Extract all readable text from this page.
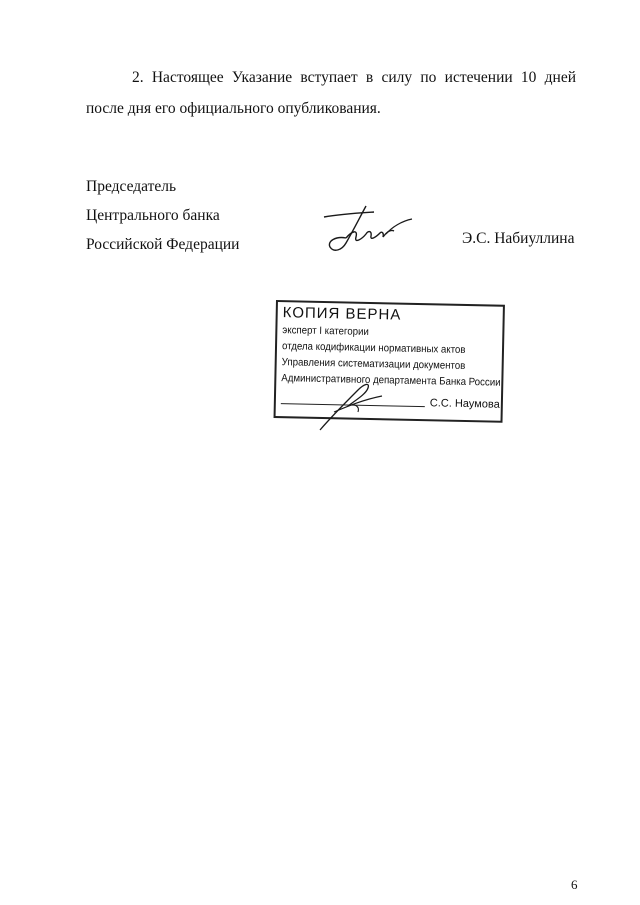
2. Настоящее Указание вступает в силу по истечении 10 дней
после дня его официального опубликования.
Председатель
Центрального банка
Российской Федерации	Э.С. Набиуллина
КОПИЯ ВЕРНА
эксперт I категории
отдела кодификации нормативных актов
Управления систематизации документов
Административного департамента Банка России
С.С. Наумова
6
